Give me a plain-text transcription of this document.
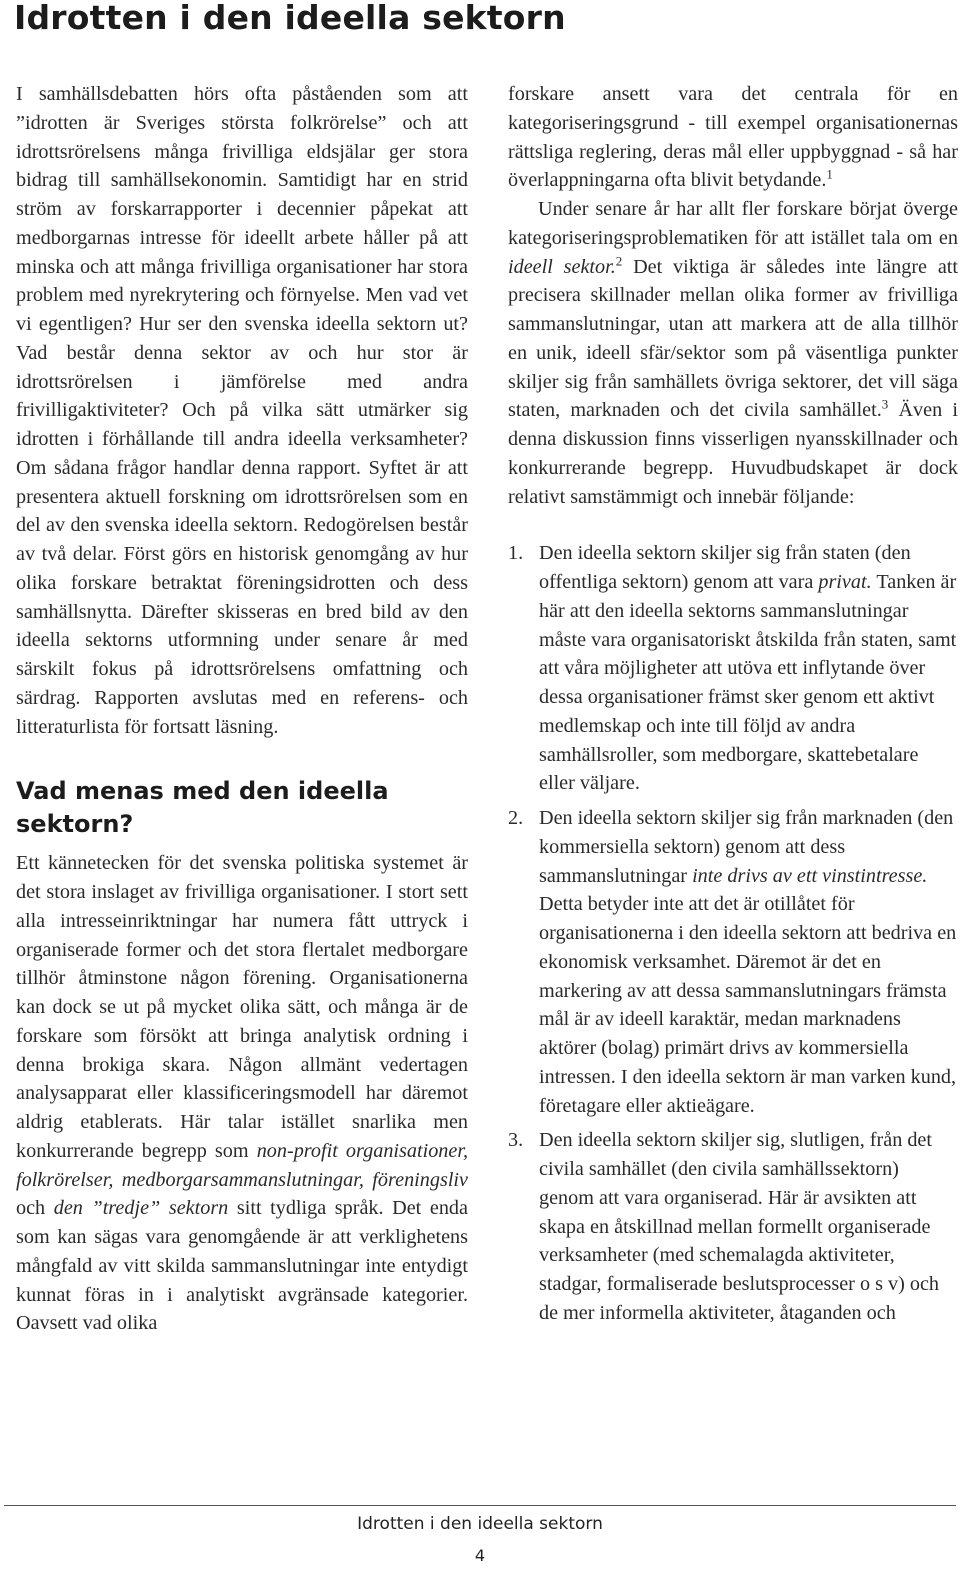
Idrotten i den ideella sektorn

I samhällsdebatten hörs ofta påståenden som att ”idrotten är Sveriges största folkrörelse” och att idrottsrörelsens många frivilliga eldsjälar ger stora bidrag till samhällsekonomin. Samtidigt har en strid ström av forskarrapporter i decennier påpekat att medborgarnas intresse för ideellt arbete håller på att minska och att många frivilliga organisationer har stora problem med nyrekrytering och förnyelse. Men vad vet vi egentligen? Hur ser den svenska ideella sektorn ut? Vad består denna sektor av och hur stor är idrottsrörelsen i jämförelse med andra frivilligaktiviteter? Och på vilka sätt utmärker sig idrotten i förhållande till andra ideella verksamheter? Om sådana frågor handlar denna rapport. Syftet är att presentera aktuell forskning om idrottsrörelsen som en del av den svenska ideella sektorn. Redogörelsen består av två delar. Först görs en historisk genomgång av hur olika forskare betraktat föreningsidrotten och dess samhällsnytta. Därefter skisseras en bred bild av den ideella sektorns utformning under senare år med särskilt fokus på idrottsrörelsens omfattning och särdrag. Rapporten avslutas med en referens- och litteraturlista för fortsatt läsning.

Vad menas med den ideella sektorn?

Ett kännetecken för det svenska politiska systemet är det stora inslaget av frivilliga organisationer. I stort sett alla intresseinriktningar har numera fått uttryck i organiserade former och det stora flertalet medborgare tillhör åtminstone någon förening. Organisationerna kan dock se ut på mycket olika sätt, och många är de forskare som försökt att bringa analytisk ordning i denna brokiga skara. Någon allmänt vedertagen analysapparat eller klassificeringsmodell har däremot aldrig etablerats. Här talar istället snarlika men konkurrerande begrepp som non-profit organisationer, folkrörelser, medborgarsammanslutningar, föreningsliv och den ”tredje” sektorn sitt tydliga språk. Det enda som kan sägas vara genomgående är att verklighetens mångfald av vitt skilda sammanslutningar inte entydigt kunnat föras in i analytiskt avgränsade kategorier. Oavsett vad olika

forskare ansett vara det centrala för en kategoriseringsgrund - till exempel organisationernas rättsliga reglering, deras mål eller uppbyggnad - så har överlappningarna ofta blivit betydande.$^1$

Under senare år har allt fler forskare börjat överge kategoriseringsproblematiken för att istället tala om en ideell sektor.$^2$ Det viktiga är således inte längre att precisera skillnader mellan olika former av frivilliga sammanslutningar, utan att markera att de alla tillhör en unik, ideell sfär/sektor som på väsentliga punkter skiljer sig från samhällets övriga sektorer, det vill säga staten, marknaden och det civila samhället.$^3$ Även i denna diskussion finns visserligen nyansskillnader och konkurrerande begrepp. Huvudbudskapet är dock relativt samstämmigt och innebär följande:

1. Den ideella sektorn skiljer sig från staten (den offentliga sektorn) genom att vara privat. Tanken är här att den ideella sektorns sammanslutningar måste vara organisatoriskt åtskilda från staten, samt att våra möjligheter att utöva ett inflytande över dessa organisationer främst sker genom ett aktivt medlemskap och inte till följd av andra samhällsroller, som medborgare, skattebetalare eller väljare.
2. Den ideella sektorn skiljer sig från marknaden (den kommersiella sektorn) genom att dess sammanslutningar inte drivs av ett vinstintresse. Detta betyder inte att det är otillåtet för organisationerna i den ideella sektorn att bedriva en ekonomisk verksamhet. Däremot är det en markering av att dessa sammanslutningars främsta mål är av ideell karaktär, medan marknadens aktörer (bolag) primärt drivs av kommersiella intressen. I den ideella sektorn är man varken kund, företagare eller aktieägare.
3. Den ideella sektorn skiljer sig, slutligen, från det civila samhället (den civila samhällssektorn) genom att vara organiserad. Här är avsikten att skapa en åtskillnad mellan formellt organiserade verksamheter (med schemalagda aktiviteter, stadgar, formaliserade beslutsprocesser o s v) och de mer informella aktiviteter, åtaganden och
Idrotten i den ideella sektorn
4
